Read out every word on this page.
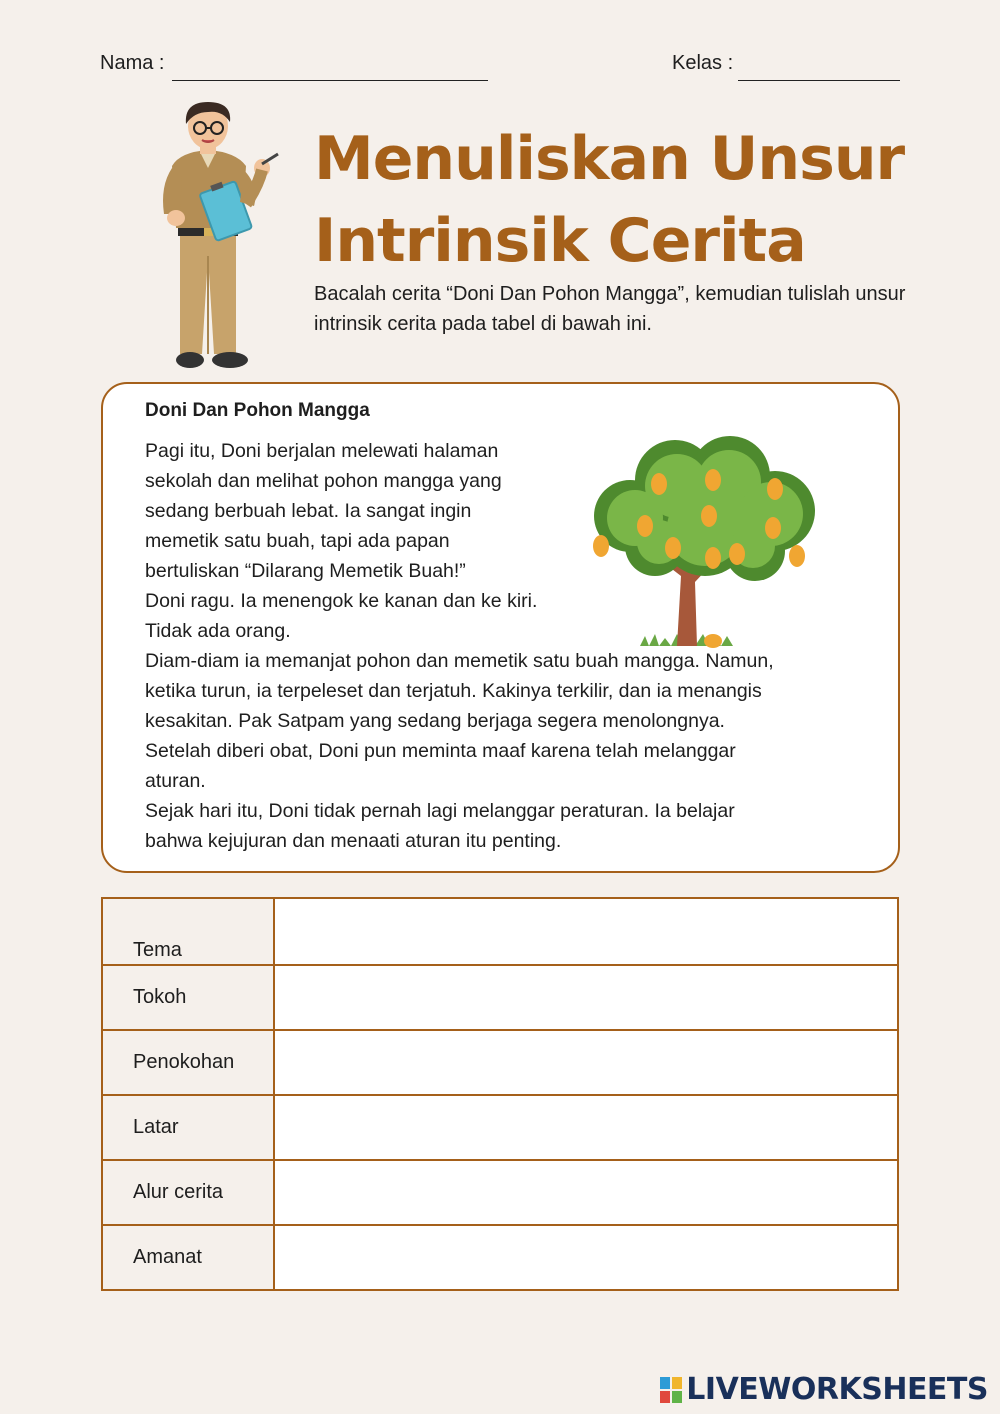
Nama :	Kelas :
Menuliskan Unsur
Intrinsik Cerita

Bacalah cerita “Doni Dan Pohon Mangga”, kemudian tulislah unsur intrinsik cerita pada tabel di bawah ini.

Doni Dan Pohon Mangga

Pagi itu, Doni berjalan melewati halaman

sekolah dan melihat pohon mangga yang

sedang berbuah lebat. Ia sangat ingin

memetik satu buah, tapi ada papan

bertuliskan “Dilarang Memetik Buah!”

Doni ragu. Ia menengok ke kanan dan ke kiri.

Tidak ada orang.

Diam-diam ia memanjat pohon dan memetik satu buah mangga. Namun,

ketika turun, ia terpeleset dan terjatuh. Kakinya terkilir, dan ia menangis

kesakitan. Pak Satpam yang sedang berjaga segera menolongnya.

Setelah diberi obat, Doni pun meminta maaf karena telah melanggar

aturan.

Sejak hari itu, Doni tidak pernah lagi melanggar peraturan. Ia belajar

bahwa kejujuran dan menaati aturan itu penting.

Tema	
Tokoh	
Penokohan	
Latar	
Alur cerita	
Amanat	
LIVEWORKSHEETS
